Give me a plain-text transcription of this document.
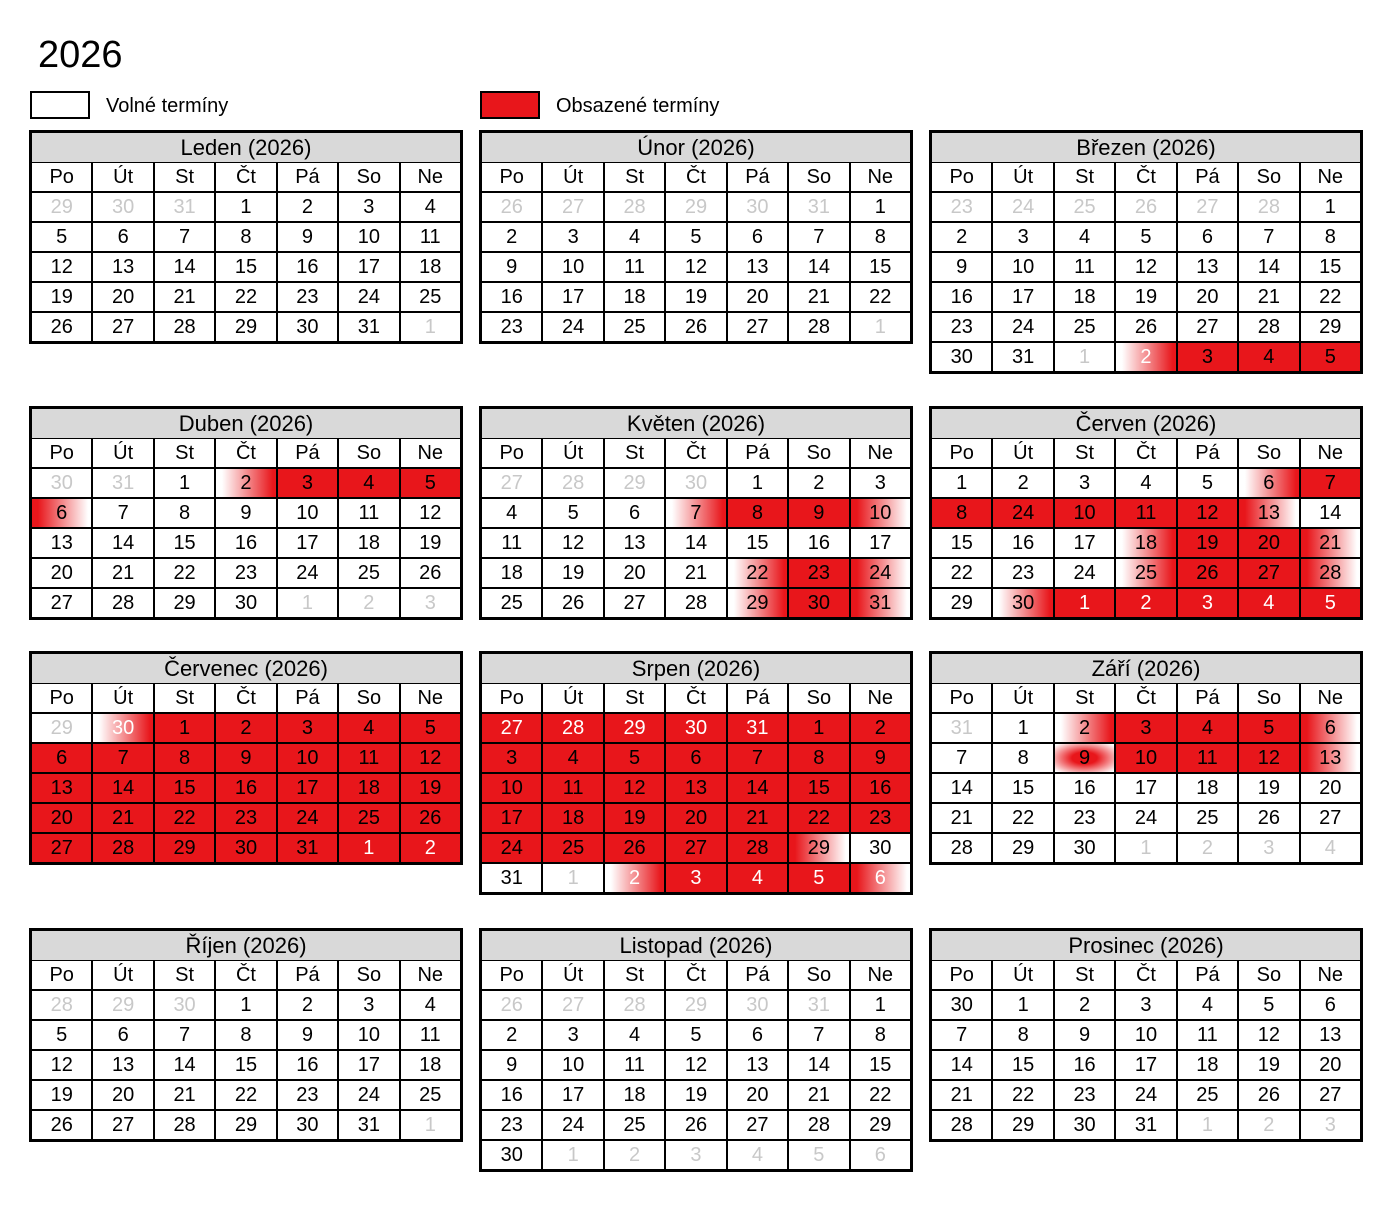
2026
Volné termíny	Obsazené termíny
Leden (2026)
Po	Út	St	Čt	Pá	So	Ne
29	30	31	1	2	3	4
5	6	7	8	9	10	11
12	13	14	15	16	17	18
19	20	21	22	23	24	25
26	27	28	29	30	31	1
Únor (2026)
Po	Út	St	Čt	Pá	So	Ne
26	27	28	29	30	31	1
2	3	4	5	6	7	8
9	10	11	12	13	14	15
16	17	18	19	20	21	22
23	24	25	26	27	28	1
Březen (2026)
Po	Út	St	Čt	Pá	So	Ne
23	24	25	26	27	28	1
2	3	4	5	6	7	8
9	10	11	12	13	14	15
16	17	18	19	20	21	22
23	24	25	26	27	28	29
30	31	1	2	3	4	5
Duben (2026)
Po	Út	St	Čt	Pá	So	Ne
30	31	1	2	3	4	5
6	7	8	9	10	11	12
13	14	15	16	17	18	19
20	21	22	23	24	25	26
27	28	29	30	1	2	3
Květen (2026)
Po	Út	St	Čt	Pá	So	Ne
27	28	29	30	1	2	3
4	5	6	7	8	9	10
11	12	13	14	15	16	17
18	19	20	21	22	23	24
25	26	27	28	29	30	31
Červen (2026)
Po	Út	St	Čt	Pá	So	Ne
1	2	3	4	5	6	7
8	24	10	11	12	13	14
15	16	17	18	19	20	21
22	23	24	25	26	27	28
29	30	1	2	3	4	5
Červenec (2026)
Po	Út	St	Čt	Pá	So	Ne
29	30	1	2	3	4	5
6	7	8	9	10	11	12
13	14	15	16	17	18	19
20	21	22	23	24	25	26
27	28	29	30	31	1	2
Srpen (2026)
Po	Út	St	Čt	Pá	So	Ne
27	28	29	30	31	1	2
3	4	5	6	7	8	9
10	11	12	13	14	15	16
17	18	19	20	21	22	23
24	25	26	27	28	29	30
31	1	2	3	4	5	6
Září (2026)
Po	Út	St	Čt	Pá	So	Ne
31	1	2	3	4	5	6
7	8	9	10	11	12	13
14	15	16	17	18	19	20
21	22	23	24	25	26	27
28	29	30	1	2	3	4
Říjen (2026)
Po	Út	St	Čt	Pá	So	Ne
28	29	30	1	2	3	4
5	6	7	8	9	10	11
12	13	14	15	16	17	18
19	20	21	22	23	24	25
26	27	28	29	30	31	1
Listopad (2026)
Po	Út	St	Čt	Pá	So	Ne
26	27	28	29	30	31	1
2	3	4	5	6	7	8
9	10	11	12	13	14	15
16	17	18	19	20	21	22
23	24	25	26	27	28	29
30	1	2	3	4	5	6
Prosinec (2026)
Po	Út	St	Čt	Pá	So	Ne
30	1	2	3	4	5	6
7	8	9	10	11	12	13
14	15	16	17	18	19	20
21	22	23	24	25	26	27
28	29	30	31	1	2	3
